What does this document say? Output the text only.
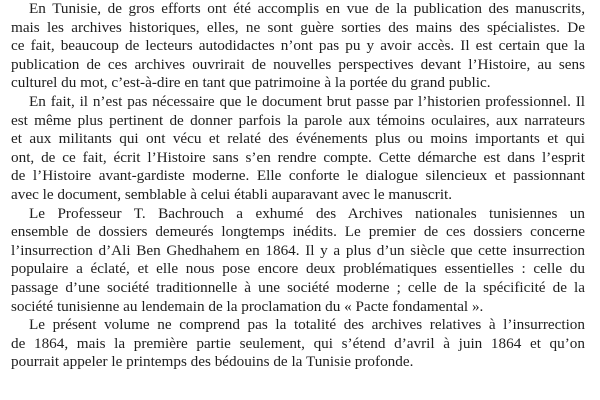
En Tunisie, de gros efforts ont été accomplis en vue de la publication des manuscrits,
mais les archives historiques, elles, ne sont guère sorties des mains des spécialistes. De
ce fait, beaucoup de lecteurs autodidactes n’ont pas pu y avoir accès. Il est certain que la
publication de ces archives ouvrirait de nouvelles perspectives devant l’Histoire, au sens
culturel du mot, c’est-à-dire en tant que patrimoine à la portée du grand public.
En fait, il n’est pas nécessaire que le document brut passe par l’historien professionnel. Il
est même plus pertinent de donner parfois la parole aux témoins oculaires, aux narrateurs
et aux militants qui ont vécu et relaté des événements plus ou moins importants et qui
ont, de ce fait, écrit l’Histoire sans s’en rendre compte. Cette démarche est dans l’esprit
de l’Histoire avant-gardiste moderne. Elle conforte le dialogue silencieux et passionnant
avec le document, semblable à celui établi auparavant avec le manuscrit.
Le Professeur T. Bachrouch a exhumé des Archives nationales tunisiennes un
ensemble de dossiers demeurés longtemps inédits. Le premier de ces dossiers concerne
l’insurrection d’Ali Ben Ghedhahem en 1864. Il y a plus d’un siècle que cette insurrection
populaire a éclaté, et elle nous pose encore deux problématiques essentielles : celle du
passage d’une société traditionnelle à une société moderne ; celle de la spécificité de la
société tunisienne au lendemain de la proclamation du « Pacte fondamental ».
Le présent volume ne comprend pas la totalité des archives relatives à l’insurrection
de 1864, mais la première partie seulement, qui s’étend d’avril à juin 1864 et qu’on
pourrait appeler le printemps des bédouins de la Tunisie profonde.
